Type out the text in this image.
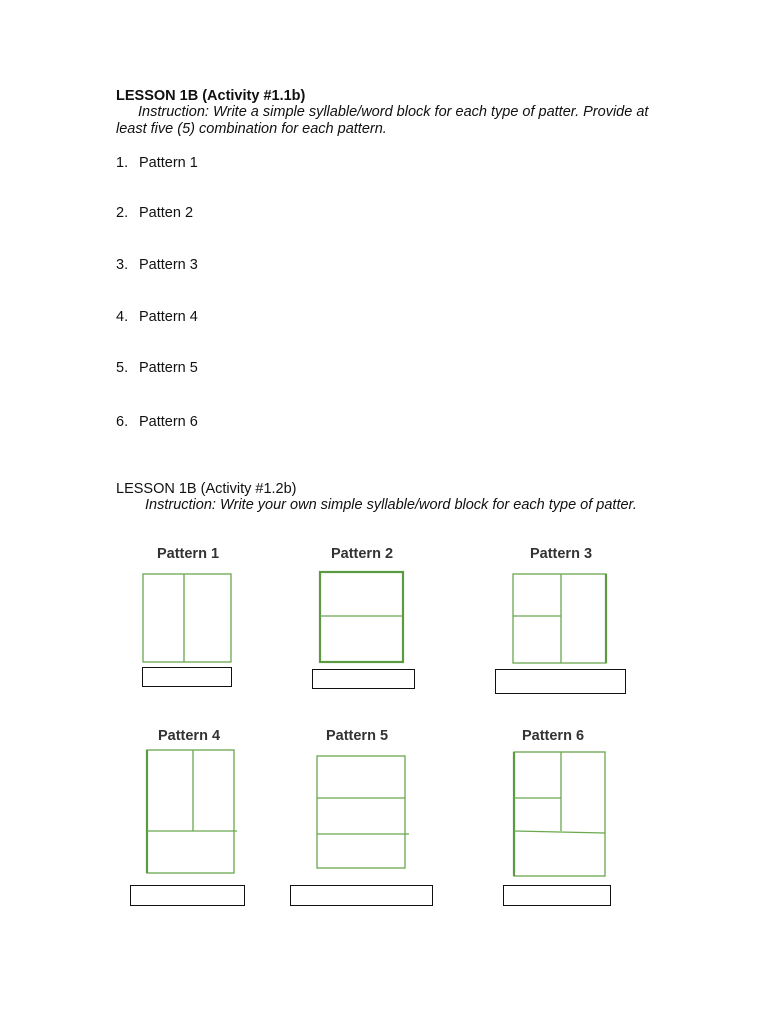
LESSON 1B (Activity #1.1b)
Instruction: Write a simple syllable/word block for each type of patter. Provide at
least five (5) combination for each pattern.
1. Pattern 1
2. Patten 2
3. Pattern 3
4. Pattern 4
5. Pattern 5
6. Pattern 6
LESSON 1B (Activity #1.2b)
Instruction: Write your own simple syllable/word block for each type of patter.
Pattern 1	Pattern 2	Pattern 3
Pattern 4	Pattern 5	Pattern 6
